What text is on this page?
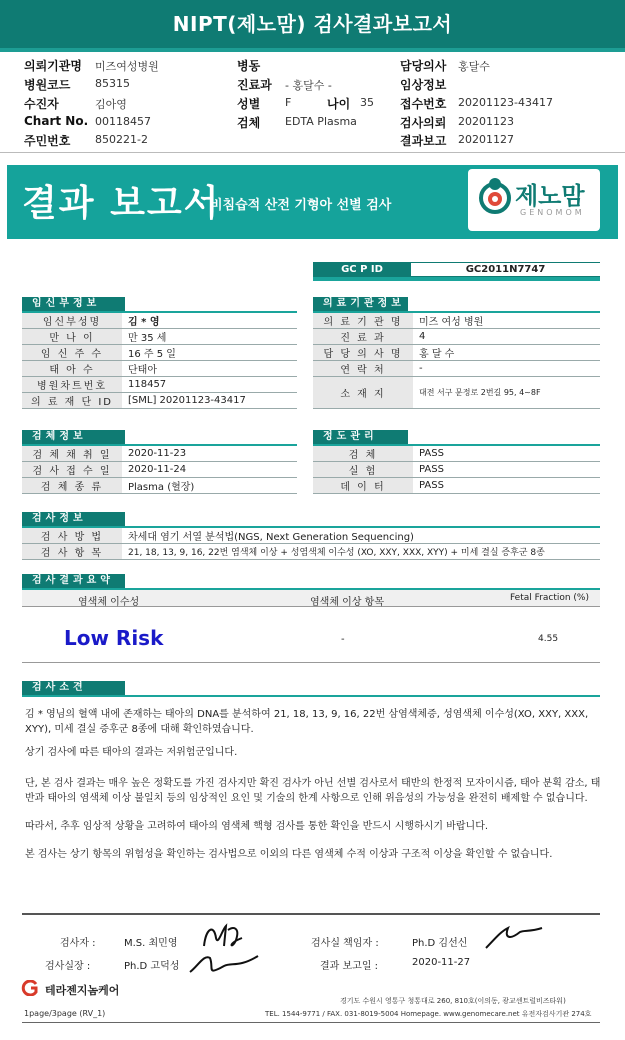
NIPT(제노맘) 검사결과보고서
의뢰기관명 미즈여성병원
병원코드 85315
수진자	김아영
Chart No. 00118457
주민번호 850221-2
병동
진료과 - 홍달수 -
성별 F	나이 35
검체 EDTA Plasma
담당의사 홍달수
임상정보
접수번호 20201123-43417
검사의뢰 20201123
결과보고 20201127
결과 보고서
비침습적 산전 기형아 선별 검사	제노맘
GENOMOM
GC P ID	GC2011N7747
임신부정보
임신부성명	김 * 영
만 나 이	만 35 세
임 신 주 수	16 주 5 일
태 아 수	단태아
병원차트번호	118457
의 료 재 단 ID	[SML] 20201123-43417
의료기관정보
의 료 기 관 명	미즈 여성 병원
진 료 과	4
담 당 의 사 명	홍 달 수
연 락 처	-
소 재 지	대전 서구 문정로 2번길 95, 4~8F
검체정보
검 체 채 취 일	2020-11-23
검 사 접 수 일	2020-11-24
검 체 종 류	Plasma (혈장)
정도관리
검 체	PASS
실 험	PASS
데 이 터	PASS
검사정보
검 사 방 법	차세대 염기 서열 분석법(NGS, Next Generation Sequencing)
검 사 항 목	21, 18, 13, 9, 16, 22번 염색체 이상 + 성염색체 이수성 (XO, XXY, XXX, XYY) + 미세 결실 증후군 8종
검사결과요약
염색체 이수성	염색체 이상 항목	Fetal Fraction (%)
Low Risk	-	4.55
검사소견
김 * 영님의 혈액 내에 존재하는 태아의 DNA를 분석하여 21, 18, 13, 9, 16, 22번 삼염색체증, 성염색체 이수성(XO, XXY, XXX, XYY), 미세 결실 증후군 8종에 대해 확인하였습니다.
상기 검사에 따른 태아의 결과는 저위험군입니다.
단, 본 검사 결과는 매우 높은 정확도를 가진 검사지만 확진 검사가 아닌 선별 검사로서 태반의 한정적 모자이시즘, 태아 분획 감소, 태반과 태아의 염색체 이상 불일치 등의 임상적인 요인 및 기술의 한계 사항으로 인해 위음성의 가능성을 완전히 배제할 수 없습니다.
따라서, 추후 임상적 상황을 고려하여 태아의 염색체 핵형 검사를 통한 확인을 반드시 시행하시기 바랍니다.
본 검사는 상기 항목의 위험성을 확인하는 검사법으로 이외의 다른 염색체 수적 이상과 구조적 이상을 확인할 수 없습니다.
검사자 :	M.S. 최민영	검사실 책임자 :	Ph.D 김선신
검사실장 :	Ph.D 고덕성	결과 보고일 :	2020-11-27
테라젠지놈케어
경기도 수원시 영통구 청통대로 260, 810호(이의동, 광교센트럴비즈타워)
1page/3page (RV_1)	TEL. 1544-9771 / FAX. 031-8019-5004 Homepage. www.genomecare.net 유전자검사기관 274호
